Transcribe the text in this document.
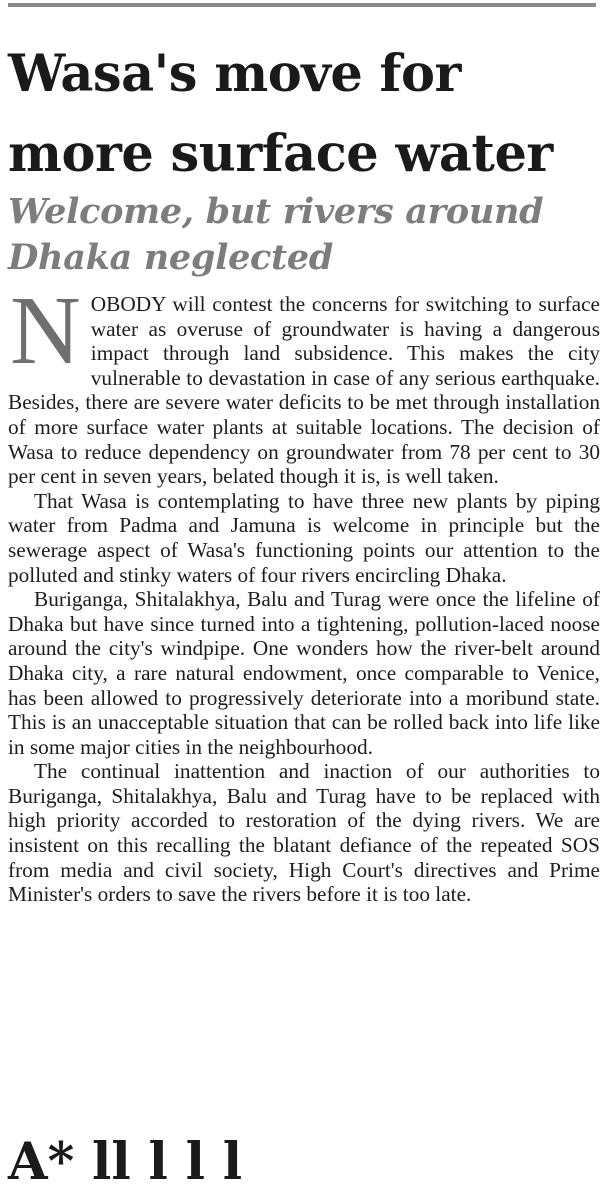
Wasa's move for more surface water
Welcome, but rivers around Dhaka neglected

NOBODY will contest the concerns for switching to surface water as overuse of groundwater is having a dangerous impact through land subsidence. This makes the city vulnerable to devastation in case of any serious earthquake. Besides, there are severe water deficits to be met through installation of more surface water plants at suitable locations. The decision of Wasa to reduce dependency on groundwater from 78 per cent to 30 per cent in seven years, belated though it is, is well taken.

That Wasa is contemplating to have three new plants by piping water from Padma and Jamuna is welcome in principle but the sewerage aspect of Wasa's functioning points our attention to the polluted and stinky waters of four rivers encircling Dhaka.

Buriganga, Shitalakhya, Balu and Turag were once the lifeline of Dhaka but have since turned into a tightening, pollution-laced noose around the city's windpipe. One wonders how the river-belt around Dhaka city, a rare natural endowment, once comparable to Venice, has been allowed to progressively deteriorate into a moribund state. This is an unacceptable situation that can be rolled back into life like in some major cities in the neighbourhood.

The continual inattention and inaction of our authorities to Buriganga, Shitalakhya, Balu and Turag have to be replaced with high priority accorded to restoration of the dying rivers. We are insistent on this recalling the blatant defiance of the repeated SOS from media and civil society, High Court's directives and Prime Minister's orders to save the rivers before it is too late.

A* ll l l l
